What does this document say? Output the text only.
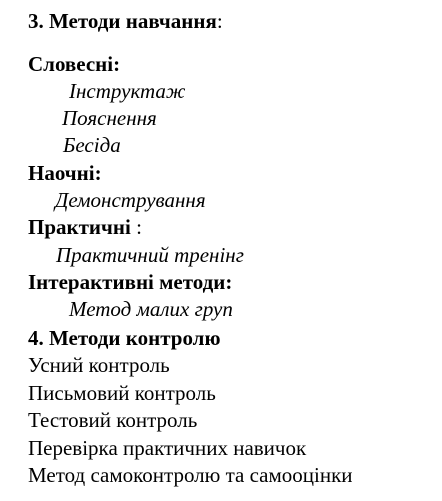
3. Методи навчання:
Словесні:
Інструктаж
Пояснення
Бесіда
Наочні:
Демонстрування
Практичні :
Практичний тренінг
Інтерактивні методи:
Метод малих груп
4. Методи контролю
Усний контроль
Письмовий контроль
Тестовий контроль
Перевірка практичних навичок
Метод самоконтролю та самооцінки
